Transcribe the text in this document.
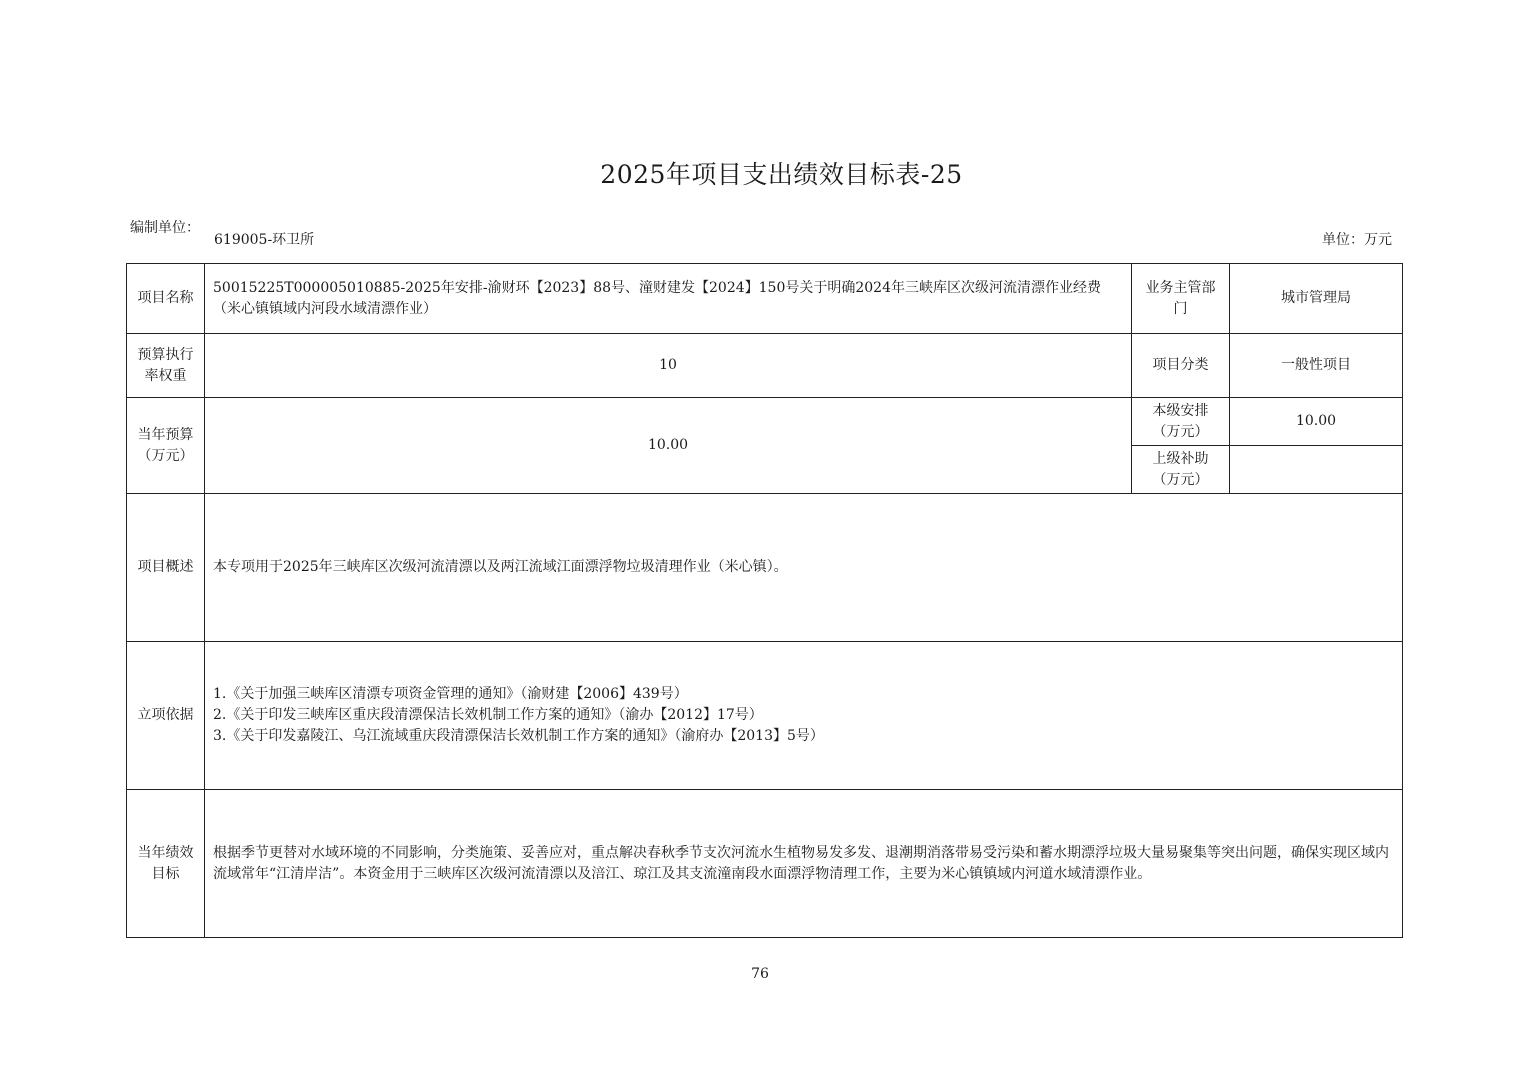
2025年项目支出绩效目标表-25
编制单位：
619005-环卫所	单位：万元
项目名称	50015225T000005010885-2025年安排-渝财环【2023】88号、潼财建发【2024】150号关于明确2024年三峡库区次级河流清漂作业经费（米心镇镇域内河段水域清漂作业）	业务主管部门	城市管理局
预算执行率权重	10	项目分类	一般性项目
当年预算（万元）	10.00	本级安排（万元）	10.00
		上级补助（万元）	
项目概述	本专项用于2025年三峡库区次级河流清漂以及两江流域江面漂浮物垃圾清理作业（米心镇）。		
立项依据	1.《关于加强三峡库区清漂专项资金管理的通知》（渝财建【2006】439号）
2.《关于印发三峡库区重庆段清漂保洁长效机制工作方案的通知》（渝办【2012】17号）
3.《关于印发嘉陵江、乌江流域重庆段清漂保洁长效机制工作方案的通知》（渝府办【2013】5号）		

当年绩效目标	根据季节更替对水域环境的不同影响，分类施策、妥善应对，重点解决春秋季节支次河流水生植物易发多发、退潮期消落带易受污染和蓄水期漂浮垃圾大量易聚集等突出问题，确保实现区域内流域常年“江清岸洁”。本资金用于三峡库区次级河流清漂以及涪江、琼江及其支流潼南段水面漂浮物清理工作，主要为米心镇镇域内河道水域清漂作业。		
76
